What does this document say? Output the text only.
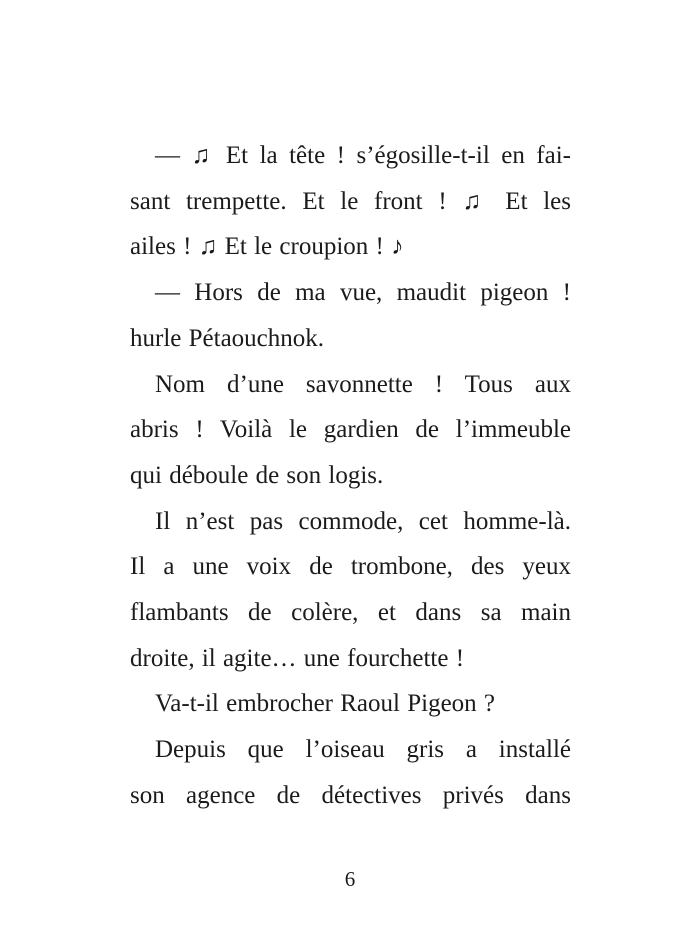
— ♫ Et la tête ! s’égosille-t-il en fai-
sant trempette. Et le front ! ♫ Et les
ailes ! ♫ Et le croupion ! ♪
— Hors de ma vue, maudit pigeon !
hurle Pétaouchnok.
Nom d’une savonnette ! Tous aux
abris ! Voilà le gardien de l’immeuble
qui déboule de son logis.
Il n’est pas commode, cet homme-là.
Il a une voix de trombone, des yeux
flambants de colère, et dans sa main
droite, il agite… une fourchette !
Va-t-il embrocher Raoul Pigeon ?
Depuis que l’oiseau gris a installé
son agence de détectives privés dans
6
